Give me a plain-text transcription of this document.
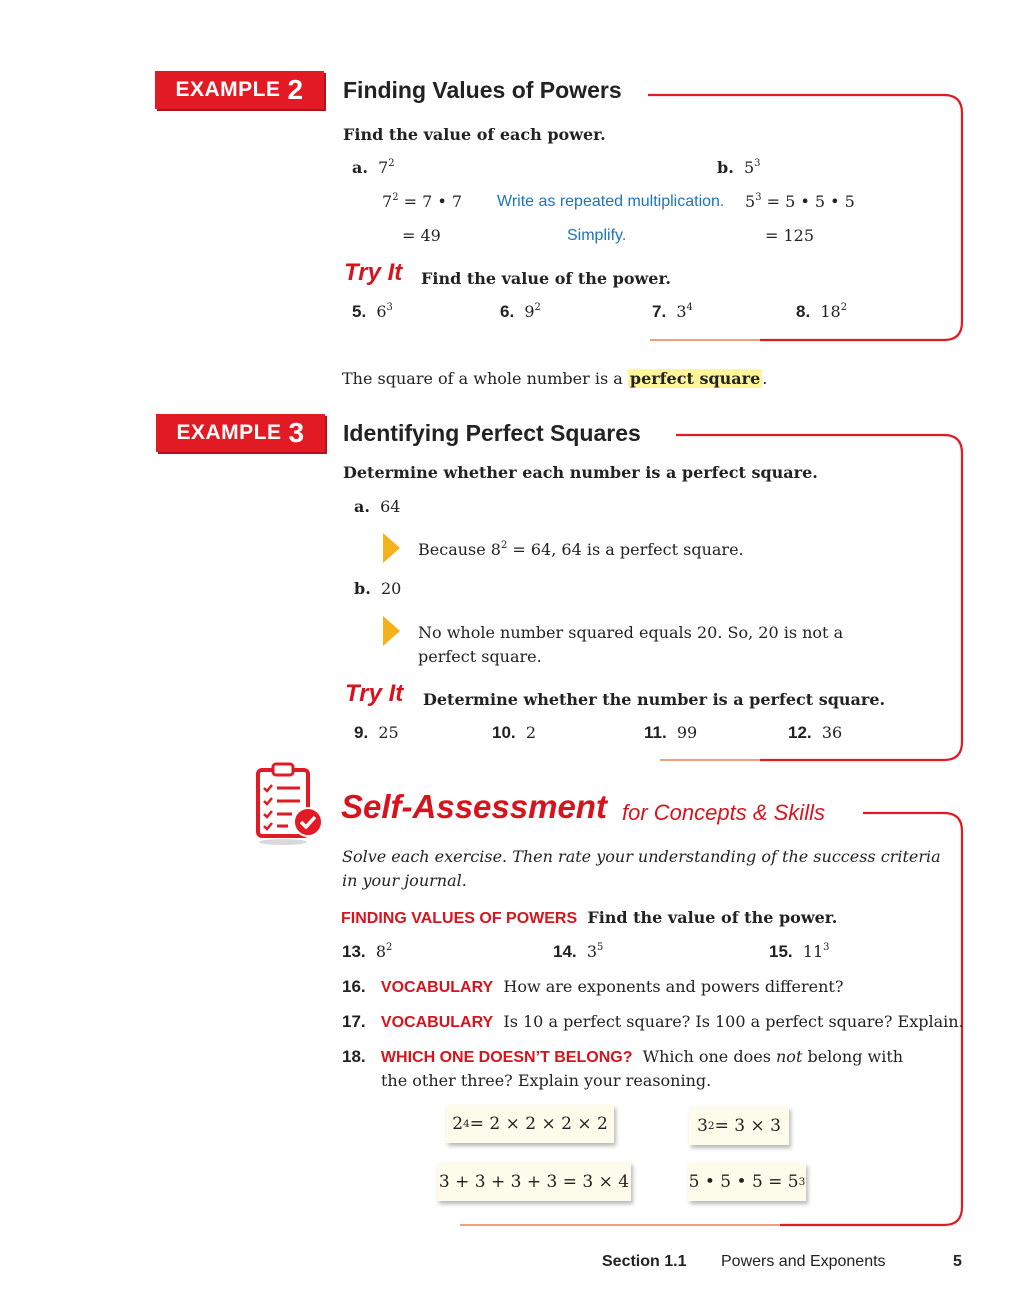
EXAMPLE 2 Finding Values of Powers
Find the value of each power.
a. $7^2$	b. $5^3$
$7^2 = 7$ • 7 Write as repeated multiplication. $5^3 = 5$ • 5 • 5
= 49	Simplify.	= 125
Try It Find the value of the power.
5. $6^3$	6. $9^2$	7. $3^4$	8. $18^2$
The square of a whole number is a perfect square .
EXAMPLE 3 Identifying Perfect Squares
Determine whether each number is a perfect square.
a. 64
Because $8^2 = 64$, 64 is a perfect square.
b. 20
No whole number squared equals 20. So, 20 is not a
perfect square.
Try It Determine whether the number is a perfect square.
9. 25	10. 2	11. 99	12. 36
Self-Assessment for Concepts & Skills
Solve each exercise. Then rate your understanding of the success criteria
in your journal.
FINDING VALUES OF POWERS Find the value of the power.
13. $8^2$	14. $3^5$	15. $11^3$
16. VOCABULARY How are exponents and powers different?
17. VOCABULARY Is 10 a perfect square? Is 100 a perfect square? Explain.
18. WHICH ONE DOESN’T BELONG? Which one does not belong with
the other three? Explain your reasoning.
2 4 = 2 × 2 × 2 × 2	3 2 = 3 × 3
3 + 3 + 3 + 3 = 3 × 4	5 • 5 • 5 = 5 3
Section 1.1 Powers and Exponents	5
